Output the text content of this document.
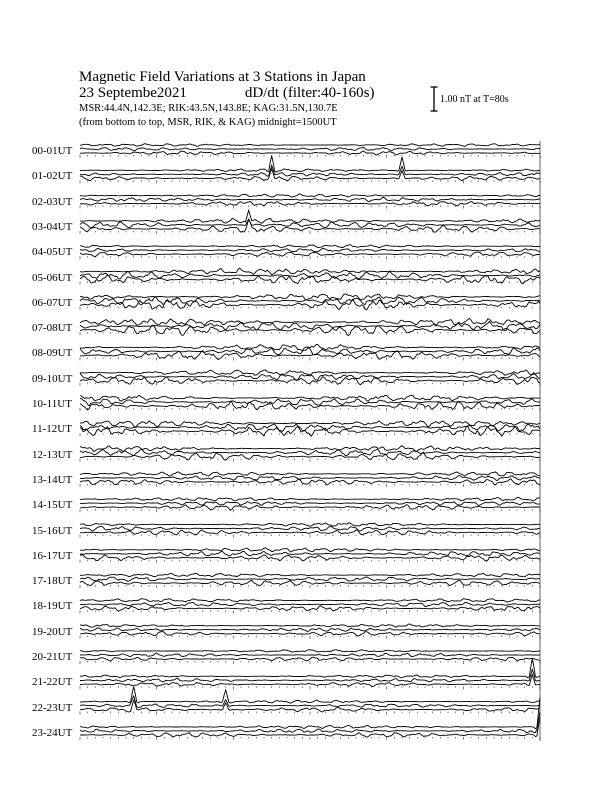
Magnetic Field Variations at 3 Stations in Japan
23 Septembe2021	dD/dt (filter:40-160s)
MSR:44.4N,142.3E; RIK:43.5N,143.8E; KAG:31.5N,130.7E
(from bottom to top, MSR, RIK, & KAG) midnight=1500UT
1.00 nT at T=80s
00-01UT
01-02UT
02-03UT
03-04UT
04-05UT
05-06UT
06-07UT
07-08UT
08-09UT
09-10UT
10-11UT
11-12UT
12-13UT
13-14UT
14-15UT
15-16UT
16-17UT
17-18UT
18-19UT
19-20UT
20-21UT
21-22UT
22-23UT
23-24UT
